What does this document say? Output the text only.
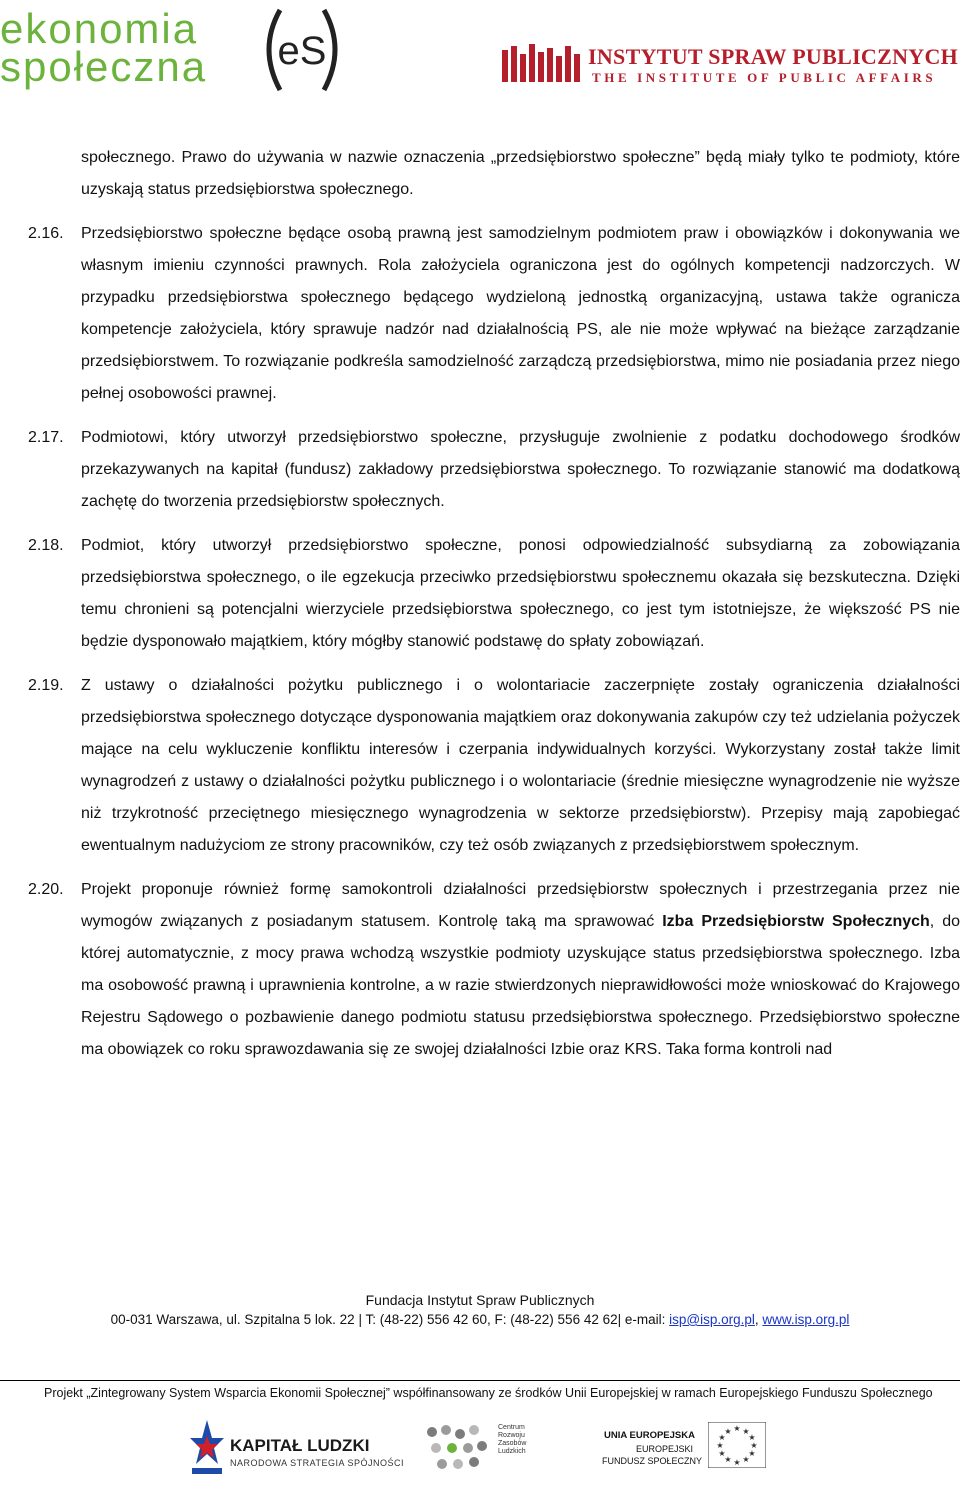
ekonomia
społeczna eS	INSTYTUT SPRAW PUBLICZNYCH
THE INSTITUTE OF PUBLIC AFFAIRS

społecznego. Prawo do używania w nazwie oznaczenia „przedsiębiorstwo społeczne” będą miały tylko te podmioty, które uzyskają status przedsiębiorstwa społecznego.

2.16. Przedsiębiorstwo społeczne będące osobą prawną jest samodzielnym podmiotem praw i obowiązków i dokonywania we własnym imieniu czynności prawnych. Rola założyciela ograniczona jest do ogólnych kompetencji nadzorczych. W przypadku przedsiębiorstwa społecznego będącego wydzieloną jednostką organizacyjną, ustawa także ogranicza kompetencje założyciela, który sprawuje nadzór nad działalnością PS, ale nie może wpływać na bieżące zarządzanie przedsiębiorstwem. To rozwiązanie podkreśla samodzielność zarządczą przedsiębiorstwa, mimo nie posiadania przez niego pełnej osobowości prawnej.
2.17. Podmiotowi, który utworzył przedsiębiorstwo społeczne, przysługuje zwolnienie z podatku dochodowego środków przekazywanych na kapitał (fundusz) zakładowy przedsiębiorstwa społecznego. To rozwiązanie stanowić ma dodatkową zachętę do tworzenia przedsiębiorstw społecznych.
2.18. Podmiot, który utworzył przedsiębiorstwo społeczne, ponosi odpowiedzialność subsydiarną za zobowiązania przedsiębiorstwa społecznego, o ile egzekucja przeciwko przedsiębiorstwu społecznemu okazała się bezskuteczna. Dzięki temu chronieni są potencjalni wierzyciele przedsiębiorstwa społecznego, co jest tym istotniejsze, że większość PS nie będzie dysponowało majątkiem, który mógłby stanowić podstawę do spłaty zobowiązań.
2.19. Z ustawy o działalności pożytku publicznego i o wolontariacie zaczerpnięte zostały ograniczenia działalności przedsiębiorstwa społecznego dotyczące dysponowania majątkiem oraz dokonywania zakupów czy też udzielania pożyczek mające na celu wykluczenie konfliktu interesów i czerpania indywidualnych korzyści. Wykorzystany został także limit wynagrodzeń z ustawy o działalności pożytku publicznego i o wolontariacie (średnie miesięczne wynagrodzenie nie wyższe niż trzykrotność przeciętnego miesięcznego wynagrodzenia w sektorze przedsiębiorstw). Przepisy mają zapobiegać ewentualnym nadużyciom ze strony pracowników, czy też osób związanych z przedsiębiorstwem społecznym.
2.20. Projekt proponuje również formę samokontroli działalności przedsiębiorstw społecznych i przestrzegania przez nie wymogów związanych z posiadanym statusem. Kontrolę taką ma sprawować Izba Przedsiębiorstw Społecznych, do której automatycznie, z mocy prawa wchodzą wszystkie podmioty uzyskujące status przedsiębiorstwa społecznego. Izba ma osobowość prawną i uprawnienia kontrolne, a w razie stwierdzonych nieprawidłowości może wnioskować do Krajowego Rejestru Sądowego o pozbawienie danego podmiotu statusu przedsiębiorstwa społecznego. Przedsiębiorstwo społeczne ma obowiązek co roku sprawozdawania się ze swojej działalności Izbie oraz KRS. Taka forma kontroli nad
Fundacja Instytut Spraw Publicznych
00-031 Warszawa, ul. Szpitalna 5 lok. 22 | T: (48-22) 556 42 60, F: (48-22) 556 42 62| e-mail: isp@isp.org.pl, www.isp.org.pl
Projekt „Zintegrowany System Wsparcia Ekonomii Społecznej” współfinansowany ze środków Unii Europejskiej w ramach Europejskiego Funduszu Społecznego
KAPITAŁ LUDZKI
NARODOWA STRATEGIA SPÓJNOŚCI
Centrum
Rozwoju
Zasobów
Ludzkich
UNIA EUROPEJSKA
EUROPEJSKI
FUNDUSZ SPOŁECZNY
★ ★
★
★
★
★
★
★
★
★
★
★
